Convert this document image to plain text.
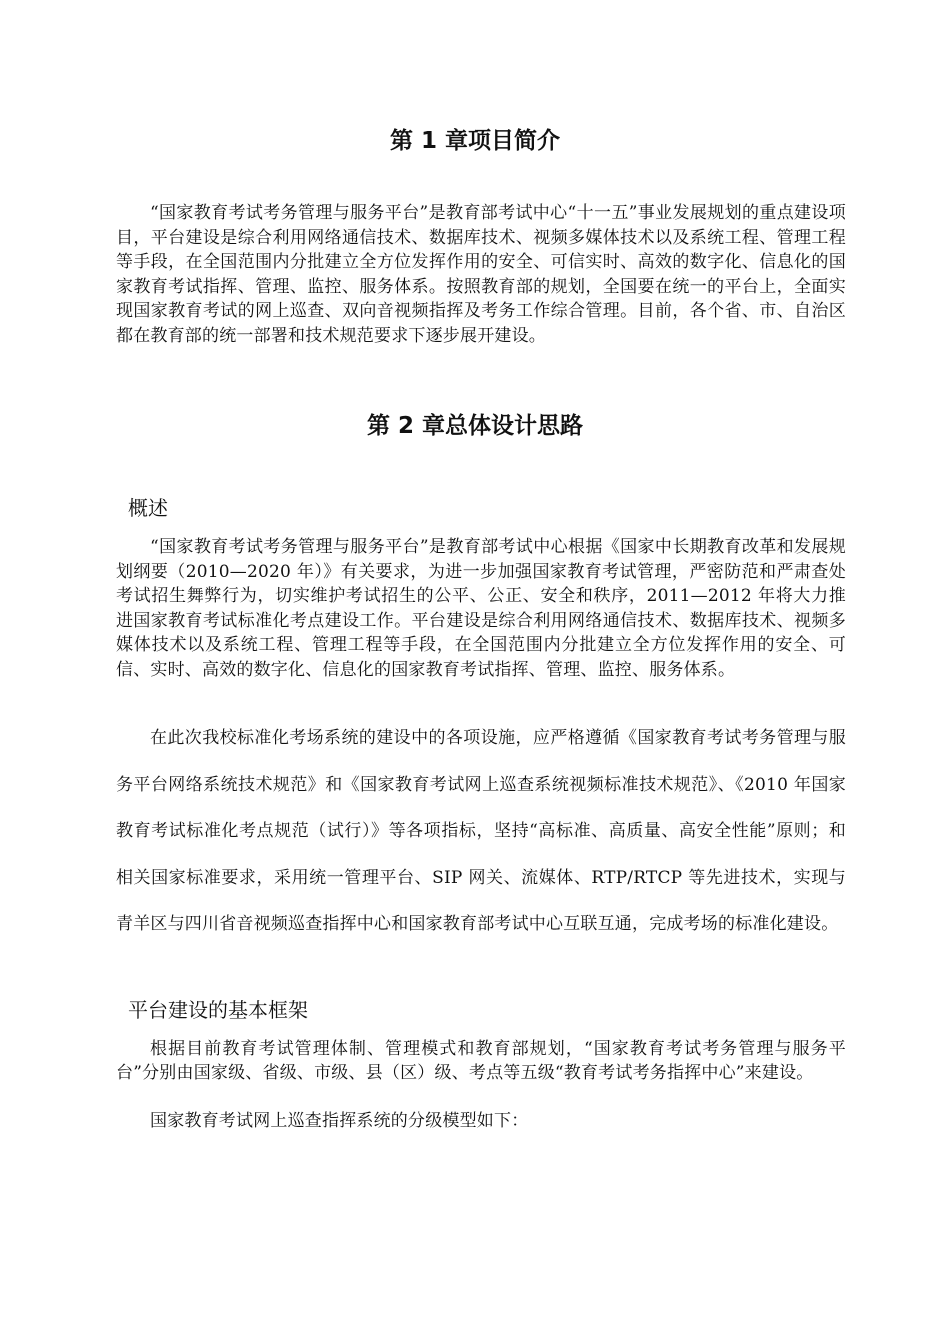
第 1 章项目简介

“国家教育考试考务管理与服务平台”是教育部考试中心“十一五”事业发展规划的重点建设项目，平台建设是综合利用网络通信技术、数据库技术、视频多媒体技术以及系统工程、管理工程等手段，在全国范围内分批建立全方位发挥作用的安全、可信实时、高效的数字化、信息化的国家教育考试指挥、管理、监控、服务体系。按照教育部的规划，全国要在统一的平台上，全面实现国家教育考试的网上巡查、双向音视频指挥及考务工作综合管理。目前，各个省、市、自治区都在教育部的统一部署和技术规范要求下逐步展开建设。

第 2 章总体设计思路
概述

“国家教育考试考务管理与服务平台”是教育部考试中心根据《国家中长期教育改革和发展规划纲要（2010—2020 年）》有关要求，为进一步加强国家教育考试管理，严密防范和严肃查处考试招生舞弊行为，切实维护考试招生的公平、公正、安全和秩序，2011—2012 年将大力推进国家教育考试标准化考点建设工作。平台建设是综合利用网络通信技术、数据库技术、视频多媒体技术以及系统工程、管理工程等手段，在全国范围内分批建立全方位发挥作用的安全、可信、实时、高效的数字化、信息化的国家教育考试指挥、管理、监控、服务体系。

在此次我校标准化考场系统的建设中的各项设施，应严格遵循《国家教育考试考务管理与服务平台网络系统技术规范》和《国家教育考试网上巡查系统视频标准技术规范》、《2010 年国家教育考试标准化考点规范（试行）》等各项指标，坚持“高标准、高质量、高安全性能”原则；和相关国家标准要求，采用统一管理平台、SIP 网关、流媒体、RTP/RTCP 等先进技术，实现与青羊区与四川省音视频巡查指挥中心和国家教育部考试中心互联互通，完成考场的标准化建设。

平台建设的基本框架

根据目前教育考试管理体制、管理模式和教育部规划，“国家教育考试考务管理与服务平台”分别由国家级、省级、市级、县（区）级、考点等五级“教育考试考务指挥中心”来建设。

国家教育考试网上巡查指挥系统的分级模型如下：
